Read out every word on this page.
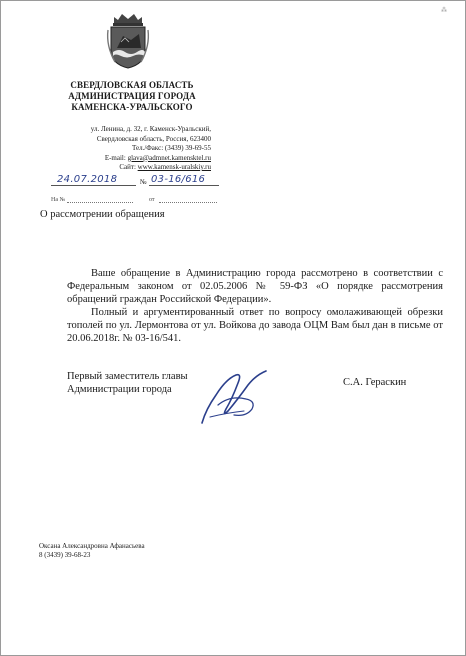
⁂
СВЕРДЛОВСКАЯ ОБЛАСТЬ
АДМИНИСТРАЦИЯ ГОРОДА
КАМЕНСКА-УРАЛЬСКОГО
ул. Ленина, д. 32, г. Каменск-Уральский,
Свердловская область, Россия, 623400
Тел./Факс: (3439) 39-69-55
E-mail: glava@admnet.kamensktel.ru
Сайт: www.kamensk-uralskiy.ru
24.07.2018	№ 03-16/616
На №	от
О рассмотрении обращения

Ваше обращение в Администрацию города рассмотрено в соответствии с Федеральным законом от 02.05.2006 № 59-ФЗ «О порядке рассмотрения обращений граждан Российской Федерации».

Полный и аргументированный ответ по вопросу омолаживающей обрезки тополей по ул. Лермонтова от ул. Войкова до завода ОЦМ Вам был дан в письме от 20.06.2018г. № 03-16/541.

Первый заместитель главы
Администрации города
С.А. Гераскин
Оксана Александровна Афанасьева
8 (3439) 39-68-23
